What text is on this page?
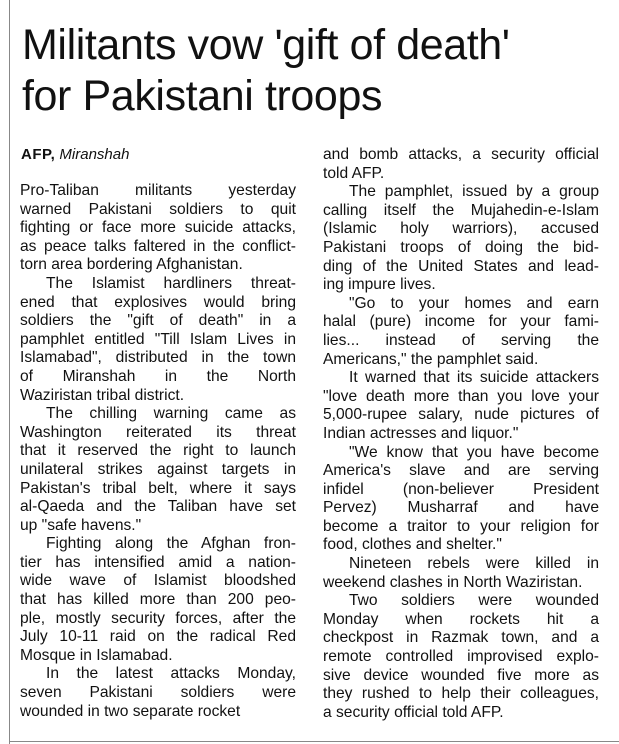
Militants vow 'gift of death'
for Pakistani troops
AFP, Miranshah
Pro-Taliban militants yesterday
warned Pakistani soldiers to quit
fighting or face more suicide attacks,
as peace talks faltered in the conflict-
torn area bordering Afghanistan.
The Islamist hardliners threat-
ened that explosives would bring
soldiers the "gift of death" in a
pamphlet entitled "Till Islam Lives in
Islamabad", distributed in the town
of Miranshah in the North
Waziristan tribal district.
The chilling warning came as
Washington reiterated its threat
that it reserved the right to launch
unilateral strikes against targets in
Pakistan's tribal belt, where it says
al-Qaeda and the Taliban have set
up "safe havens."
Fighting along the Afghan fron-
tier has intensified amid a nation-
wide wave of Islamist bloodshed
that has killed more than 200 peo-
ple, mostly security forces, after the
July 10-11 raid on the radical Red
Mosque in Islamabad.
In the latest attacks Monday,
seven Pakistani soldiers were
wounded in two separate rocket
and bomb attacks, a security official
told AFP.
The pamphlet, issued by a group
calling itself the Mujahedin-e-Islam
(Islamic holy warriors), accused
Pakistani troops of doing the bid-
ding of the United States and lead-
ing impure lives.
"Go to your homes and earn
halal (pure) income for your fami-
lies... instead of serving the
Americans," the pamphlet said.
It warned that its suicide attackers
"love death more than you love your
5,000-rupee salary, nude pictures of
Indian actresses and liquor."
"We know that you have become
America's slave and are serving
infidel (non-believer President
Pervez) Musharraf and have
become a traitor to your religion for
food, clothes and shelter."
Nineteen rebels were killed in
weekend clashes in North Waziristan.
Two soldiers were wounded
Monday when rockets hit a
checkpost in Razmak town, and a
remote controlled improvised explo-
sive device wounded five more as
they rushed to help their colleagues,
a security official told AFP.
